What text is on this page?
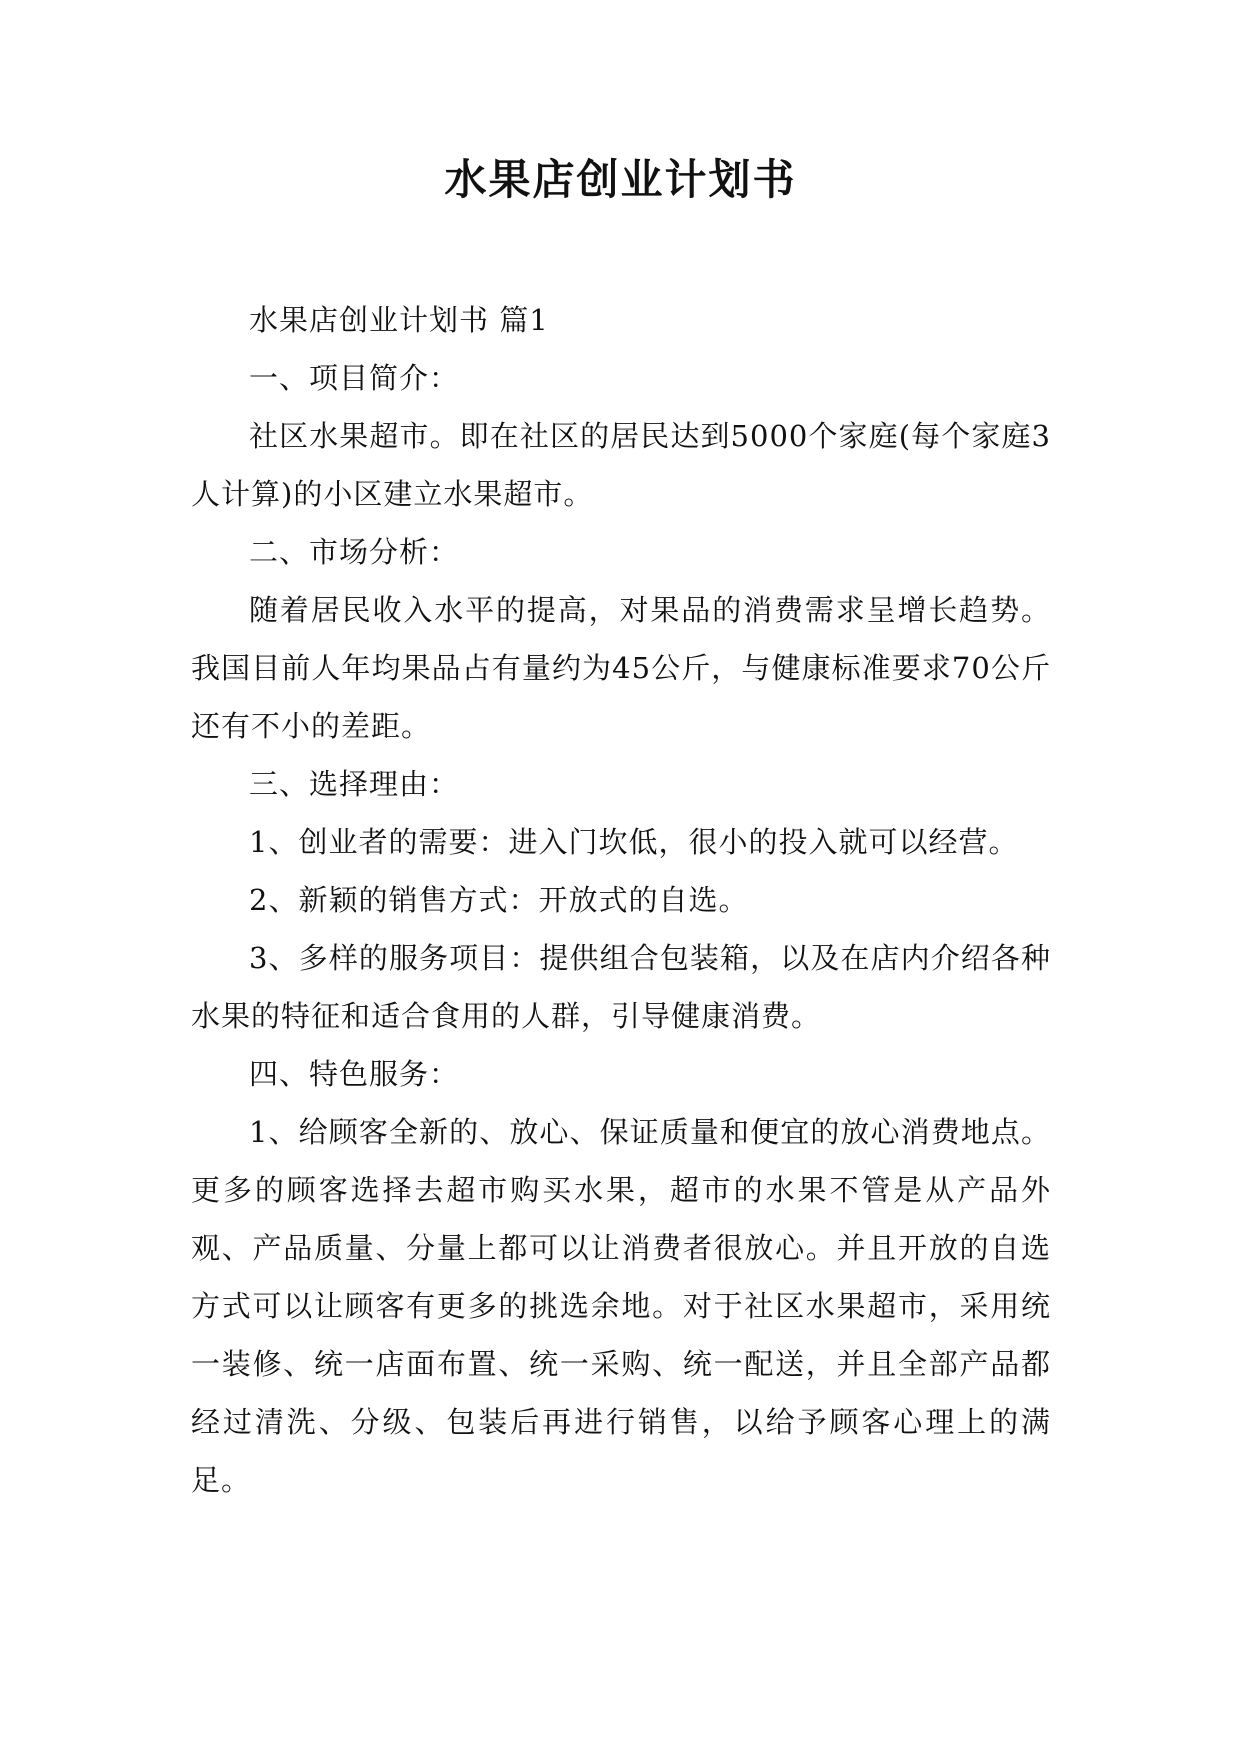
水果店创业计划书

水果店创业计划书 篇1

一、项目简介：

社区水果超市。即在社区的居民达到5000个家庭(每个家庭3人计算)的小区建立水果超市。

二、市场分析：

随着居民收入水平的提高，对果品的消费需求呈增长趋势。我国目前人年均果品占有量约为45公斤，与健康标准要求70公斤还有不小的差距。

三、选择理由：

1、创业者的需要：进入门坎低，很小的投入就可以经营。

2、新颖的销售方式：开放式的自选。

3、多样的服务项目：提供组合包装箱，以及在店内介绍各种水果的特征和适合食用的人群，引导健康消费。

四、特色服务：

1、给顾客全新的、放心、保证质量和便宜的放心消费地点。更多的顾客选择去超市购买水果，超市的水果不管是从产品外观、产品质量、分量上都可以让消费者很放心。并且开放的自选方式可以让顾客有更多的挑选余地。对于社区水果超市，采用统一装修、统一店面布置、统一采购、统一配送，并且全部产品都经过清洗、分级、包装后再进行销售，以给予顾客心理上的满足。
